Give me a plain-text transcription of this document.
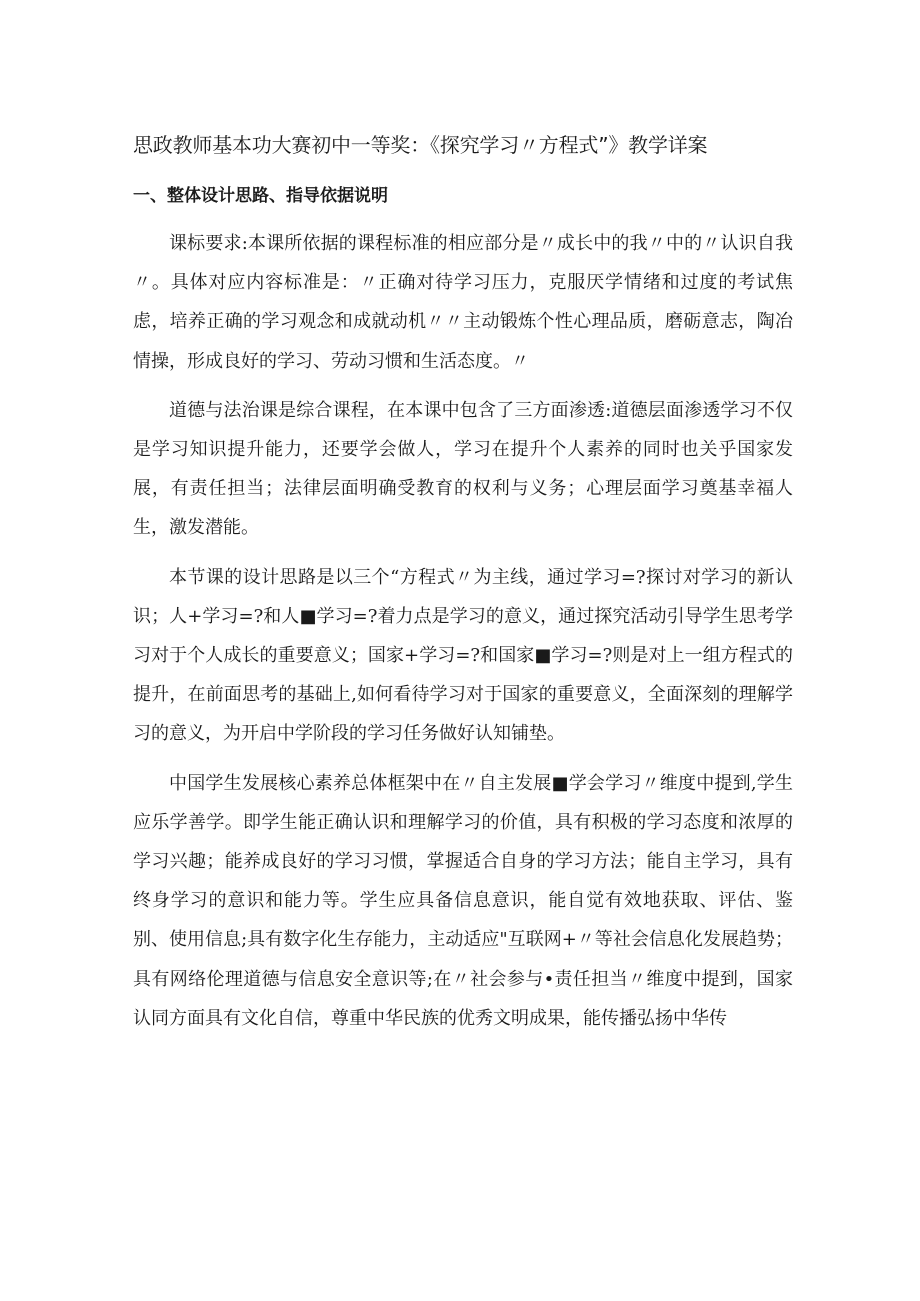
思政教师基本功大赛初中一等奖：《探究学习〃方程式”》教学详案
一、整体设计思路、指导依据说明

课标要求:本课所依据的课程标准的相应部分是〃成长中的我〃中的〃认识自我〃。具体对应内容标准是：〃正确对待学习压力，克服厌学情绪和过度的考试焦虑，培养正确的学习观念和成就动机〃〃主动锻炼个性心理品质，磨砺意志，陶冶情操，形成良好的学习、劳动习惯和生活态度。〃

道德与法治课是综合课程，在本课中包含了三方面渗透:道德层面渗透学习不仅是学习知识提升能力，还要学会做人，学习在提升个人素养的同时也关乎国家发展，有责任担当；法律层面明确受教育的权利与义务；心理层面学习奠基幸福人生，激发潜能。

本节课的设计思路是以三个“方程式〃为主线，通过学习=?探讨对学习的新认识；人+学习=?和人■学习=?着力点是学习的意义，通过探究活动引导学生思考学习对于个人成长的重要意义；国家+学习=?和国家■学习=?则是对上一组方程式的提升，在前面思考的基础上,如何看待学习对于国家的重要意义，全面深刻的理解学习的意义，为开启中学阶段的学习任务做好认知铺垫。

中国学生发展核心素养总体框架中在〃自主发展■学会学习〃维度中提到,学生应乐学善学。即学生能正确认识和理解学习的价值，具有积极的学习态度和浓厚的学习兴趣；能养成良好的学习习惯，掌握适合自身的学习方法；能自主学习，具有终身学习的意识和能力等。学生应具备信息意识，能自觉有效地获取、评估、鉴别、使用信息;具有数字化生存能力，主动适应"互联网+〃等社会信息化发展趋势；具有网络伦理道德与信息安全意识等;在〃社会参与•责任担当〃维度中提到，国家认同方面具有文化自信，尊重中华民族的优秀文明成果，能传播弘扬中华传
